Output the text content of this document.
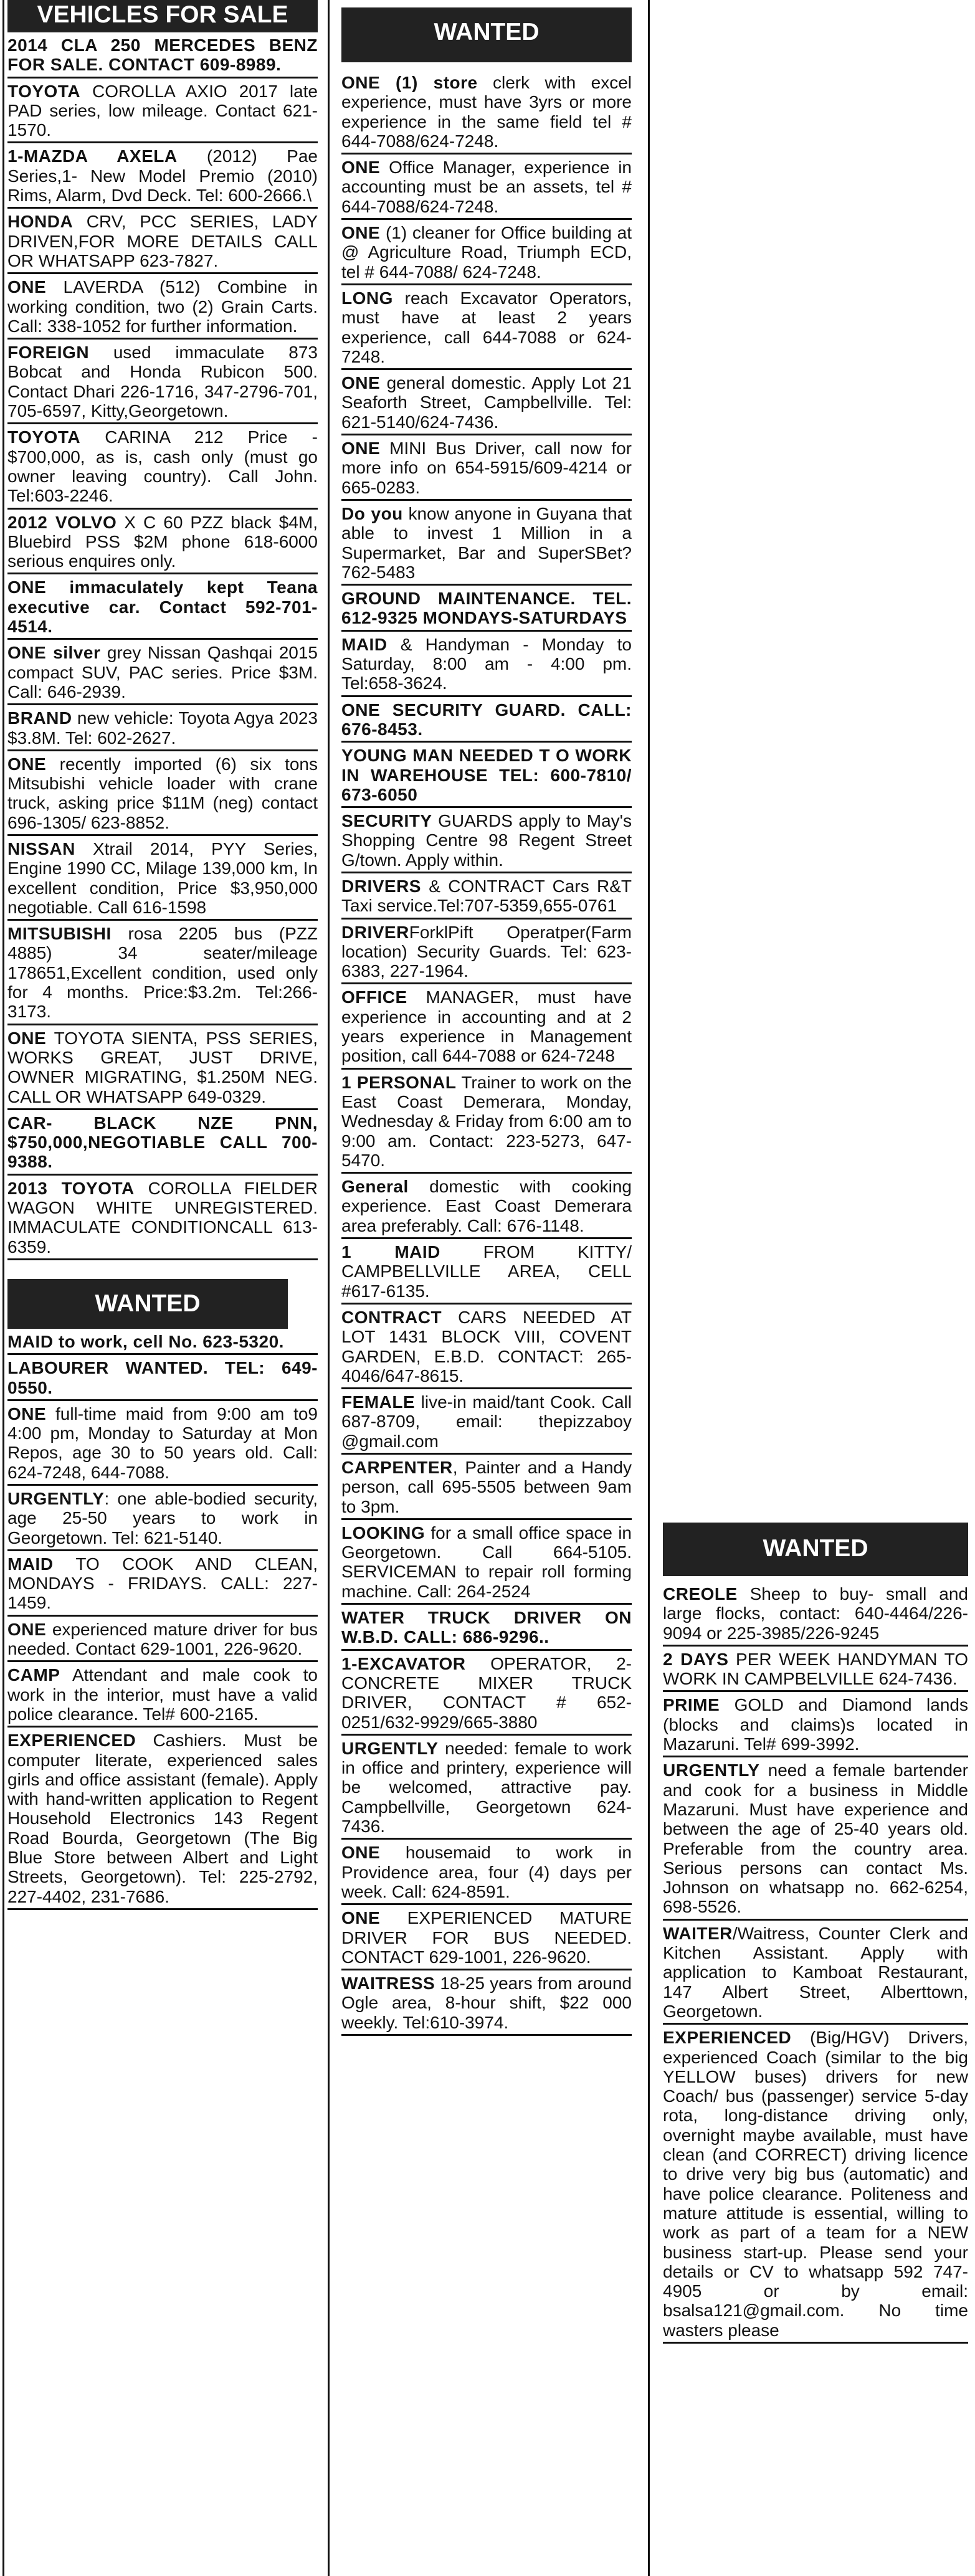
VEHICLES FOR SALE
2014 CLA 250 MERCEDES BENZ FOR SALE. CONTACT 609-8989.
TOYOTA COROLLA AXIO 2017 late PAD series, low mileage. Contact 621-1570.
1-MAZDA AXELA (2012) Pae Series,1- New Model Premio (2010) Rims, Alarm, Dvd Deck. Tel: 600-2666.\
HONDA CRV, PCC SERIES, LADY DRIVEN,FOR MORE DETAILS CALL OR WHATSAPP 623-7827.
ONE LAVERDA (512) Combine in working condition, two (2) Grain Carts. Call: 338-1052 for further information.
FOREIGN used immaculate 873 Bobcat and Honda Rubicon 500. Contact Dhari 226-1716, 347-2796-701, 705-6597, Kitty,Georgetown.
TOYOTA CARINA 212 Price - $700,000, as is, cash only (must go owner leaving country). Call John. Tel:603-2246.
2012 VOLVO X C 60 PZZ black $4M, Bluebird PSS $2M phone 618-6000 serious enquires only.
ONE immaculately kept Teana executive car. Contact 592-701-4514.
ONE silver grey Nissan Qashqai 2015 compact SUV, PAC series. Price $3M. Call: 646-2939.
BRAND new vehicle: Toyota Agya 2023 $3.8M. Tel: 602-2627.
ONE recently imported (6) six tons Mitsubishi vehicle loader with crane truck, asking price $11M (neg) contact 696-1305/ 623-8852.
NISSAN Xtrail 2014, PYY Series, Engine 1990 CC, Milage 139,000 km, In excellent condition, Price $3,950,000 negotiable. Call 616-1598
MITSUBISHI rosa 2205 bus (PZZ 4885) 34 seater/mileage 178651,Excellent condition, used only for 4 months. Price:$3.2m. Tel:266-3173.
ONE TOYOTA SIENTA, PSS SERIES, WORKS GREAT, JUST DRIVE, OWNER MIGRATING, $1.250M NEG. CALL OR WHATSAPP 649-0329.
CAR- BLACK NZE PNN, $750,000,NEGOTIABLE CALL 700-9388.
2013 TOYOTA COROLLA FIELDER WAGON WHITE UNREGISTERED. IMMACULATE CONDITIONCALL 613-6359.
WANTED
MAID to work, cell No. 623-5320.
LABOURER WANTED. TEL: 649-0550.
ONE full-time maid from 9:00 am to9 4:00 pm, Monday to Saturday at Mon Repos, age 30 to 50 years old. Call: 624-7248, 644-7088.
URGENTLY: one able-bodied security, age 25-50 years to work in Georgetown. Tel: 621-5140.
MAID TO COOK AND CLEAN, MONDAYS - FRIDAYS. CALL: 227-1459.
ONE experienced mature driver for bus needed. Contact 629-1001, 226-9620.
CAMP Attendant and male cook to work in the interior, must have a valid police clearance. Tel# 600-2165.
EXPERIENCED Cashiers. Must be computer literate, experienced sales girls and office assistant (female). Apply with hand-written application to Regent Household Electronics 143 Regent Road Bourda, Georgetown (The Big Blue Store between Albert and Light Streets, Georgetown). Tel: 225-2792, 227-4402, 231-7686.
WANTED
ONE (1) store clerk with excel experience, must have 3yrs or more experience in the same field tel # 644-7088/624-7248.
ONE Office Manager, experience in accounting must be an assets, tel # 644-7088/624-7248.
ONE (1) cleaner for Office building at @ Agriculture Road, Triumph ECD, tel # 644-7088/ 624-7248.
LONG reach Excavator Operators, must have at least 2 years experience, call 644-7088 or 624-7248.
ONE general domestic. Apply Lot 21 Seaforth Street, Campbellville. Tel: 621-5140/624-7436.
ONE MINI Bus Driver, call now for more info on 654-5915/609-4214 or 665-0283.
Do you know anyone in Guyana that able to invest 1 Million in a Supermarket, Bar and SuperSBet? 762-5483
GROUND MAINTENANCE. TEL. 612-9325 MONDAYS-SATURDAYS
MAID & Handyman - Monday to Saturday, 8:00 am - 4:00 pm. Tel:658-3624.
ONE SECURITY GUARD. CALL: 676-8453.
YOUNG MAN NEEDED T O WORK IN WAREHOUSE TEL: 600-7810/ 673-6050
SECURITY GUARDS apply to May's Shopping Centre 98 Regent Street G/town. Apply within.
DRIVERS & CONTRACT Cars R&T Taxi service.Tel:707-5359,655-0761
DRIVERForklPift Operatper(Farm location) Security Guards. Tel: 623-6383, 227-1964.
OFFICE MANAGER, must have experience in accounting and at 2 years experience in Management position, call 644-7088 or 624-7248
1 PERSONAL Trainer to work on the East Coast Demerara, Monday, Wednesday & Friday from 6:00 am to 9:00 am. Contact: 223-5273, 647-5470.
General domestic with cooking experience. East Coast Demerara area preferably. Call: 676-1148.
1 MAID FROM KITTY/ CAMPBELLVILLE AREA, CELL #617-6135.
CONTRACT CARS NEEDED AT LOT 1431 BLOCK VIII, COVENT GARDEN, E.B.D. CONTACT: 265-4046/647-8615.
FEMALE live-in maid/tant Cook. Call 687-8709, email: thepizzaboy @gmail.com
CARPENTER, Painter and a Handy person, call 695-5505 between 9am to 3pm.
LOOKING for a small office space in Georgetown. Call 664-5105. SERVICEMAN to repair roll forming machine. Call: 264-2524
WATER TRUCK DRIVER ON W.B.D. CALL: 686-9296..
1-EXCAVATOR OPERATOR, 2- CONCRETE MIXER TRUCK DRIVER, CONTACT # 652-0251/632-9929/665-3880
URGENTLY needed: female to work in office and printery, experience will be welcomed, attractive pay. Campbellville, Georgetown 624-7436.
ONE housemaid to work in Providence area, four (4) days per week. Call: 624-8591.
ONE EXPERIENCED MATURE DRIVER FOR BUS NEEDED. CONTACT 629-1001, 226-9620.
WAITRESS 18-25 years from around Ogle area, 8-hour shift, $22 000 weekly. Tel:610-3974.
WANTED
CREOLE Sheep to buy- small and large flocks, contact: 640-4464/226-9094 or 225-3985/226-9245
2 DAYS PER WEEK HANDYMAN TO WORK IN CAMPBELVILLE 624-7436.
PRIME GOLD and Diamond lands (blocks and claims)s located in Mazaruni. Tel# 699-3992.
URGENTLY need a female bartender and cook for a business in Middle Mazaruni. Must have experience and between the age of 25-40 years old. Preferable from the country area. Serious persons can contact Ms. Johnson on whatsapp no. 662-6254, 698-5526.
WAITER/Waitress, Counter Clerk and Kitchen Assistant. Apply with application to Kamboat Restaurant, 147 Albert Street, Alberttown, Georgetown.
EXPERIENCED (Big/HGV) Drivers, experienced Coach (similar to the big YELLOW buses) drivers for new Coach/ bus (passenger) service 5-day rota, long-distance driving only, overnight maybe available, must have clean (and CORRECT) driving licence to drive very big bus (automatic) and have police clearance. Politeness and mature attitude is essential, willing to work as part of a team for a NEW business start-up. Please send your details or CV to whatsapp 592 747-4905 or by email: bsalsa121@gmail.com. No time wasters please
